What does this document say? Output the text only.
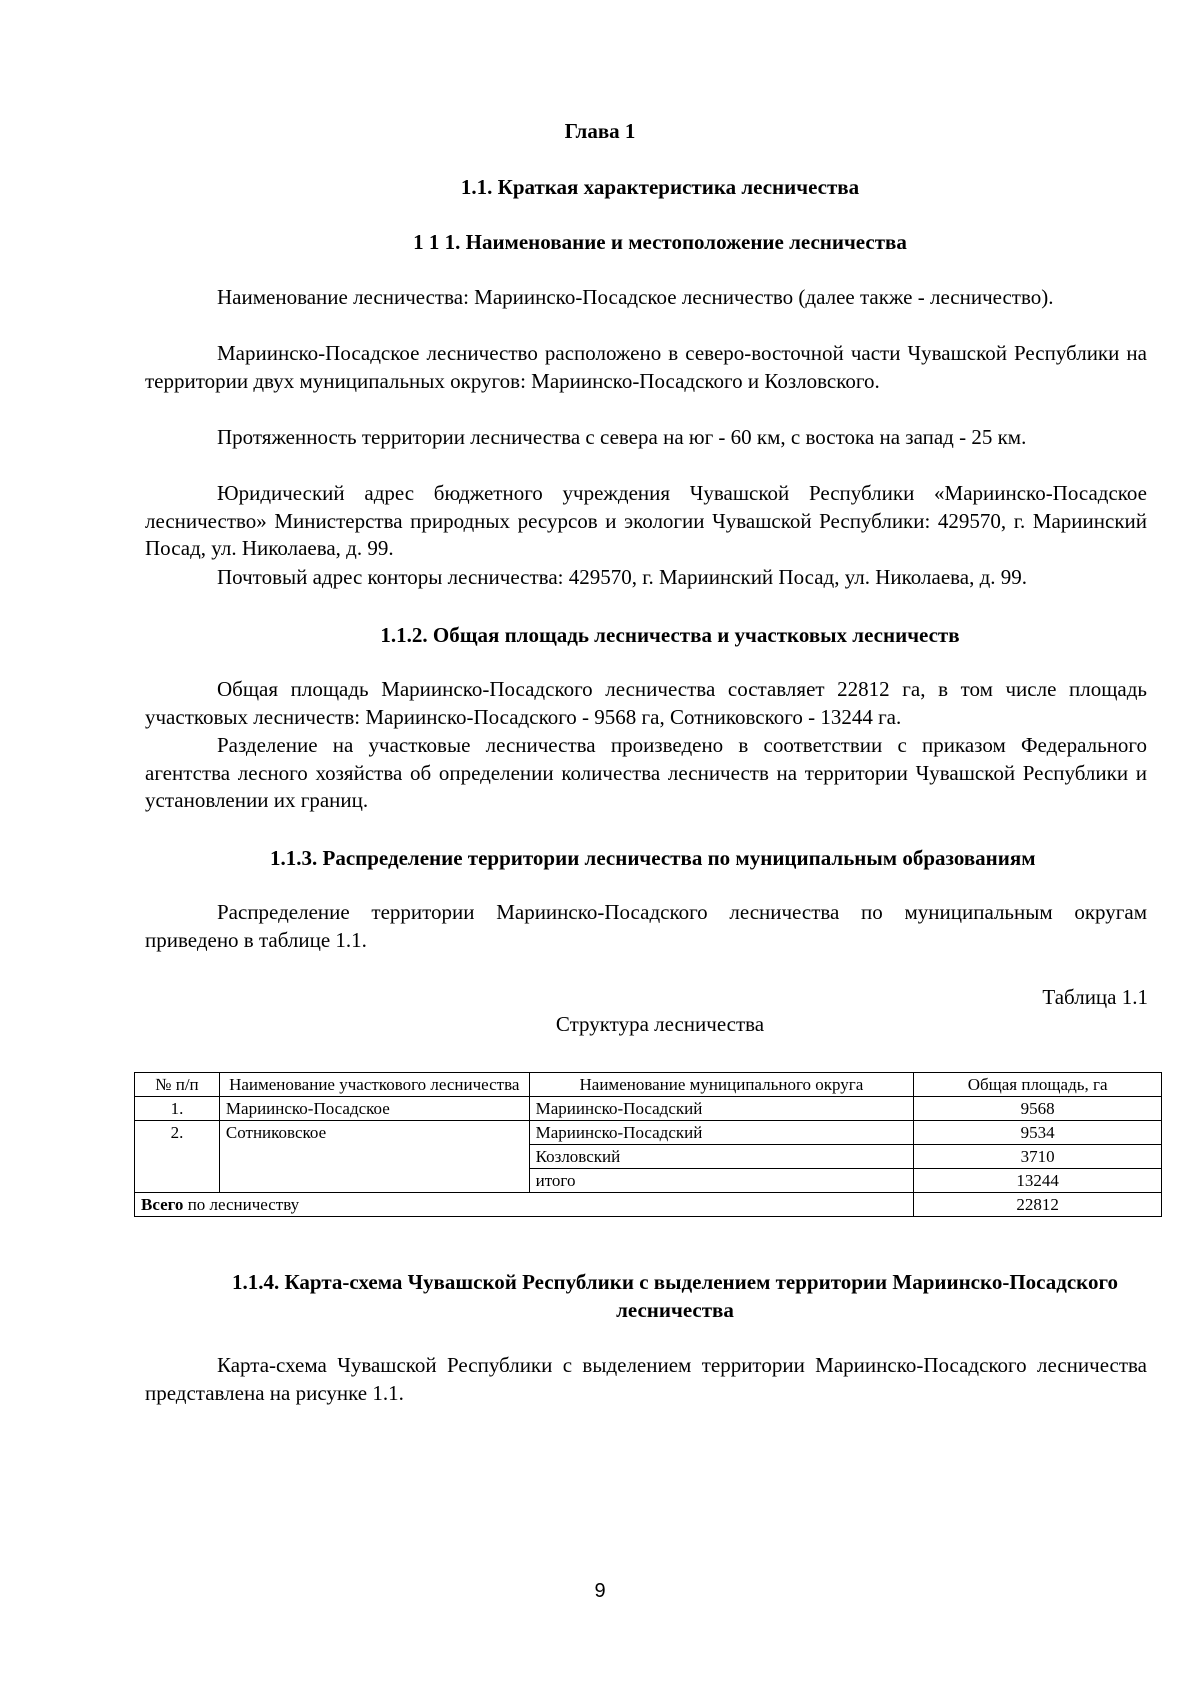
Глава 1
1.1. Краткая характеристика лесничества
1 1 1. Наименование и местоположение лесничества

Наименование лесничества: Мариинско-Посадское лесничество (далее также - лесничество).

Мариинско-Посадское лесничество расположено в северо-восточной части Чувашской Республики на территории двух муниципальных округов: Мариинско-Посадского и Козловского.

Протяженность территории лесничества с севера на юг - 60 км, с востока на запад - 25 км.

Юридический адрес бюджетного учреждения Чувашской Республики «Мариинско-Посадское лесничество» Министерства природных ресурсов и экологии Чувашской Республики: 429570, г. Мариинский Посад, ул. Николаева, д. 99.

Почтовый адрес конторы лесничества: 429570, г. Мариинский Посад, ул. Николаева, д. 99.

1.1.2. Общая площадь лесничества и участковых лесничеств

Общая площадь Мариинско-Посадского лесничества составляет 22812 га, в том числе площадь участковых лесничеств: Мариинско-Посадского - 9568 га, Сотниковского - 13244 га.

Разделение на участковые лесничества произведено в соответствии с приказом Федерального агентства лесного хозяйства об определении количества лесничеств на территории Чувашской Республики и установлении их границ.

1.1.3. Распределение территории лесничества по муниципальным образованиям

Распределение территории Мариинско-Посадского лесничества по муниципальным округам приведено в таблице 1.1.

Таблица 1.1

Структура лесничества

№ п/п	Наименование участкового лесничества	Наименование муниципального округа	Общая площадь, га
1.	Мариинско-Посадское	Мариинско-Посадский	9568
2.	Сотниковское	Мариинско-Посадский	9534
		Козловский	3710
		итого	13244
Всего по лесничеству			22812
1.1.4. Карта-схема Чувашской Республики с выделением территории Мариинско-Посадского лесничества

Карта-схема Чувашской Республики с выделением территории Мариинско-Посадского лесничества представлена на рисунке 1.1.

9
